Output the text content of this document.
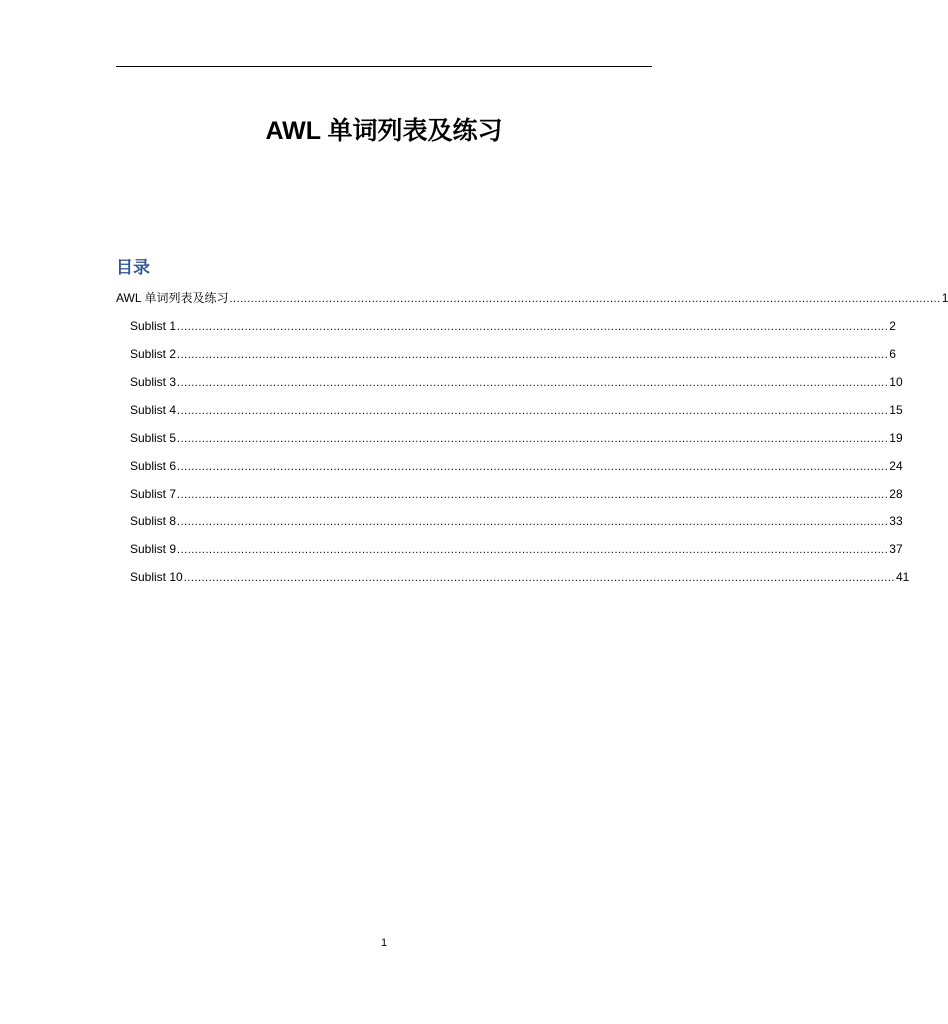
AWL 单词列表及练习
目录
AWL 单词列表及练习 ........................................................................................................................................................................................................ 1
Sublist 1 ........................................................................................................................................................................................................ 2
Sublist 2 ........................................................................................................................................................................................................ 6
Sublist 3 ........................................................................................................................................................................................................ 10
Sublist 4 ........................................................................................................................................................................................................ 15
Sublist 5 ........................................................................................................................................................................................................ 19
Sublist 6 ........................................................................................................................................................................................................ 24
Sublist 7 ........................................................................................................................................................................................................ 28
Sublist 8 ........................................................................................................................................................................................................ 33
Sublist 9 ........................................................................................................................................................................................................ 37
Sublist 10 ........................................................................................................................................................................................................ 41
1
